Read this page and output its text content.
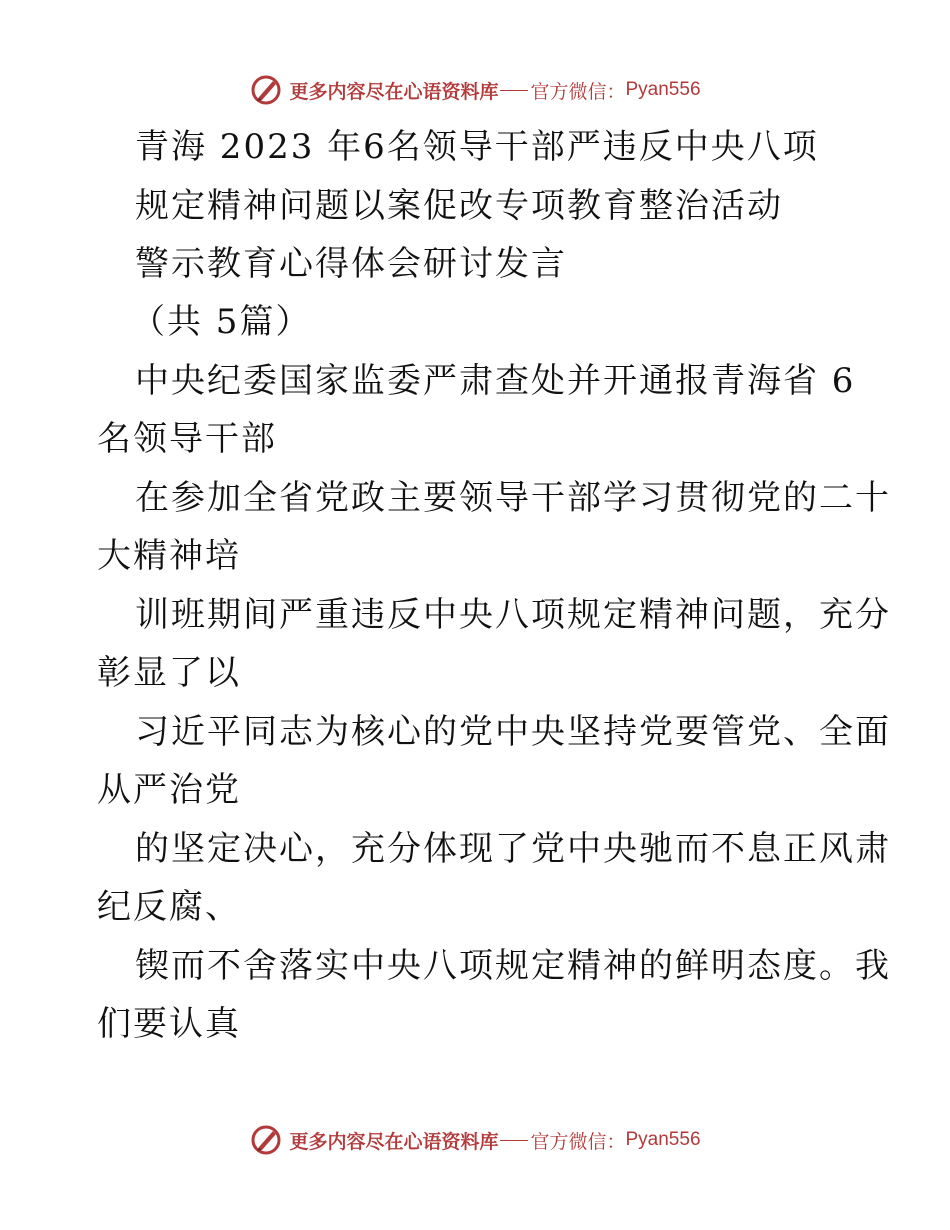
更多内容尽在心语资料库 官方微信： Pyan556
青海 2023 年6名领导干部严违反中央八项
规定精神问题以案促改专项教育整治活动
警示教育心得体会研讨发言
（共 5篇）
中央纪委国家监委严肃查处并开通报青海省 6
名领导干部
在参加全省党政主要领导干部学习贯彻党的二十
大精神培
训班期间严重违反中央八项规定精神问题，充分
彰显了以
习近平同志为核心的党中央坚持党要管党、全面
从严治党
的坚定决心，充分体现了党中央驰而不息正风肃
纪反腐、
锲而不舍落实中央八项规定精神的鲜明态度。我
们要认真
更多内容尽在心语资料库 官方微信： Pyan556
